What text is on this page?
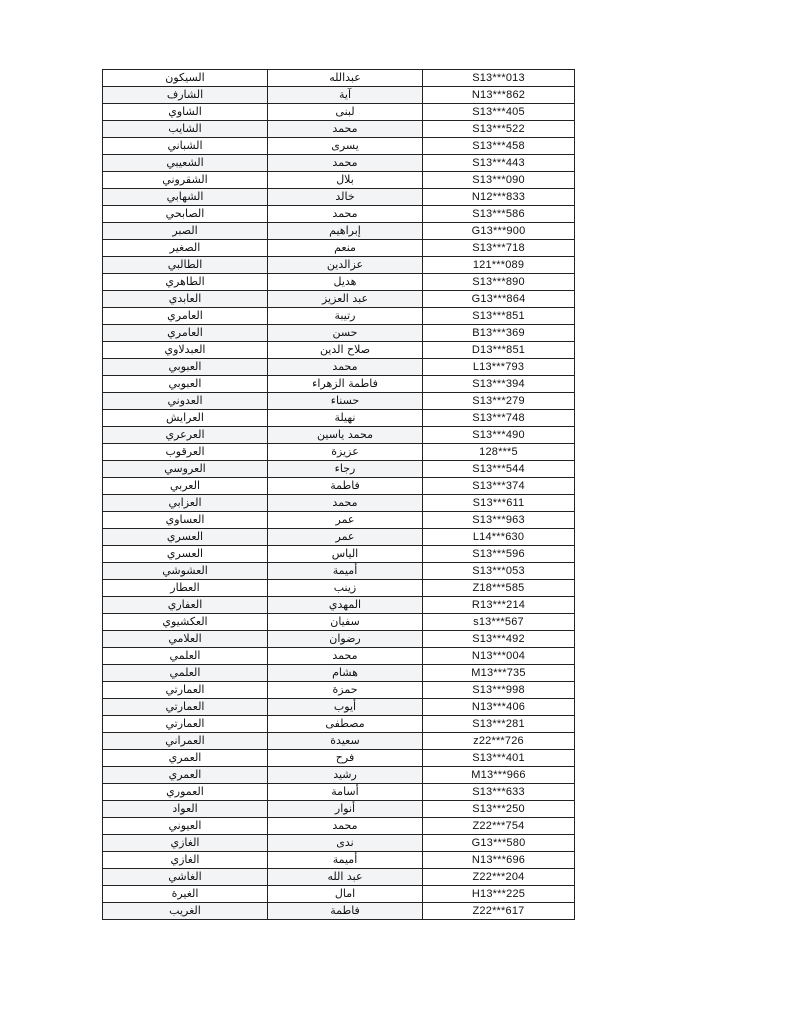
السيكون	عبدالله	S13***013
الشارف	آية	N13***862
الشاوي	لبنى	S13***405
الشايب	محمد	S13***522
الشباني	يسرى	S13***458
الشعيبي	محمد	S13***443
الشقروني	بلال	S13***090
الشهابي	خالد	N12***833
الصابحي	محمد	S13***586
الصبر	إبراهيم	G13***900
الصغير	منعم	S13***718
الطالبي	عزالدين	121***089
الطاهري	هديل	S13***890
العابدي	عبد العزيز	G13***864
العامري	رتيبة	S13***851
العامري	حسن	B13***369
العبدلاوي	صلاح الدين	D13***851
العبوبي	محمد	L13***793
العبوبي	فاطمة الزهراء	S13***394
العدوني	حسناء	S13***279
العرايش	نهيلة	S13***748
العرعري	محمد ياسين	S13***490
العرقوب	عزيزة	128***5
العروسي	رجاء	S13***544
العربي	فاطمة	S13***374
العزابي	محمد	S13***611
العساوي	عمر	S13***963
العسري	عمر	L14***630
العسري	الياس	S13***596
العشوشي	أميمة	S13***053
العطار	زينب	Z18***585
العفاري	المهدي	R13***214
العكشيوي	سفيان	s13***567
العلامي	رضوان	S13***492
العلمي	محمد	N13***004
العلمي	هشام	M13***735
العمارتي	حمزة	S13***998
العمارتي	أيوب	N13***406
العمارتي	مصطفى	S13***281
العمراني	سعيدة	z22***726
العمري	فرح	S13***401
العمري	رشيد	M13***966
العموري	أسامة	S13***633
العواد	أنوار	S13***250
العيوني	محمد	Z22***754
الغازي	ندى	G13***580
الغازي	أميمة	N13***696
الغاشي	عبد الله	Z22***204
الغيرة	امال	H13***225
الغريب	فاطمة	Z22***617
